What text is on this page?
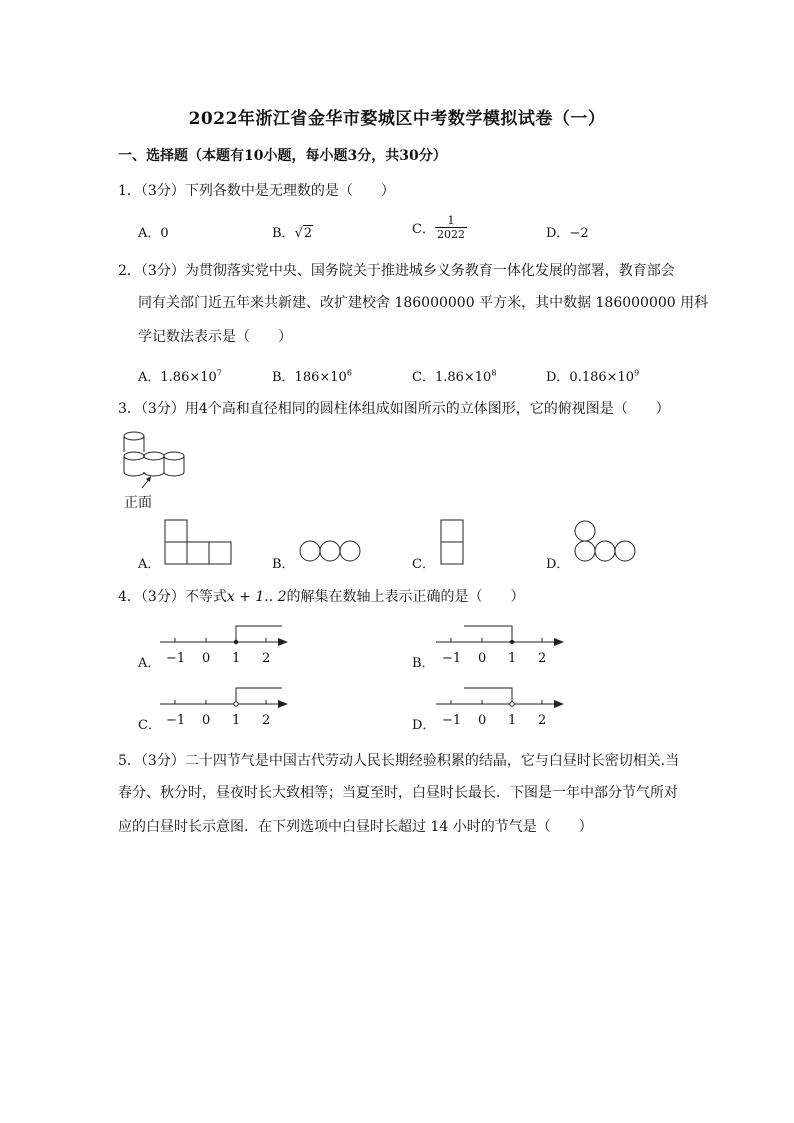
2022年浙江省金华市婺城区中考数学模拟试卷（一）
一、选择题（本题有10小题，每小题3分，共30分）
1．（3分）下列各数中是无理数的是（　　）
A．0	B．√2	C． $\frac{1}{2022}$	D．−2
2．（3分）为贯彻落实党中央、国务院关于推进城乡义务教育一体化发展的部署，教育部会
同有关部门近五年来共新建、改扩建校舍 186000000 平方米，其中数据 186000000 用科
学记数法表示是（　　）
A．$1.86\times 10^7$	B．$186\times 10^6$	C．$1.86\times 10^8$	D．$0.186\times 10^9$
3．（3分）用4个高和直径相同的圆柱体组成如图所示的立体图形，它的俯视图是（　　）
正面
A．	B．	C．	D．
4．（3分）不等式x + 1.. 2的解集在数轴上表示正确的是（　　）
A． −1 0 1 2	B． −1 0 1 2
C． −1 0 1 2	D． −1 0 1 2
5．（3分）二十四节气是中国古代劳动人民长期经验积累的结晶，它与白昼时长密切相关.当
春分、秋分时，昼夜时长大致相等；当夏至时，白昼时长最长．下图是一年中部分节气所对
应的白昼时长示意图．在下列选项中白昼时长超过 14 小时的节气是（　　）
